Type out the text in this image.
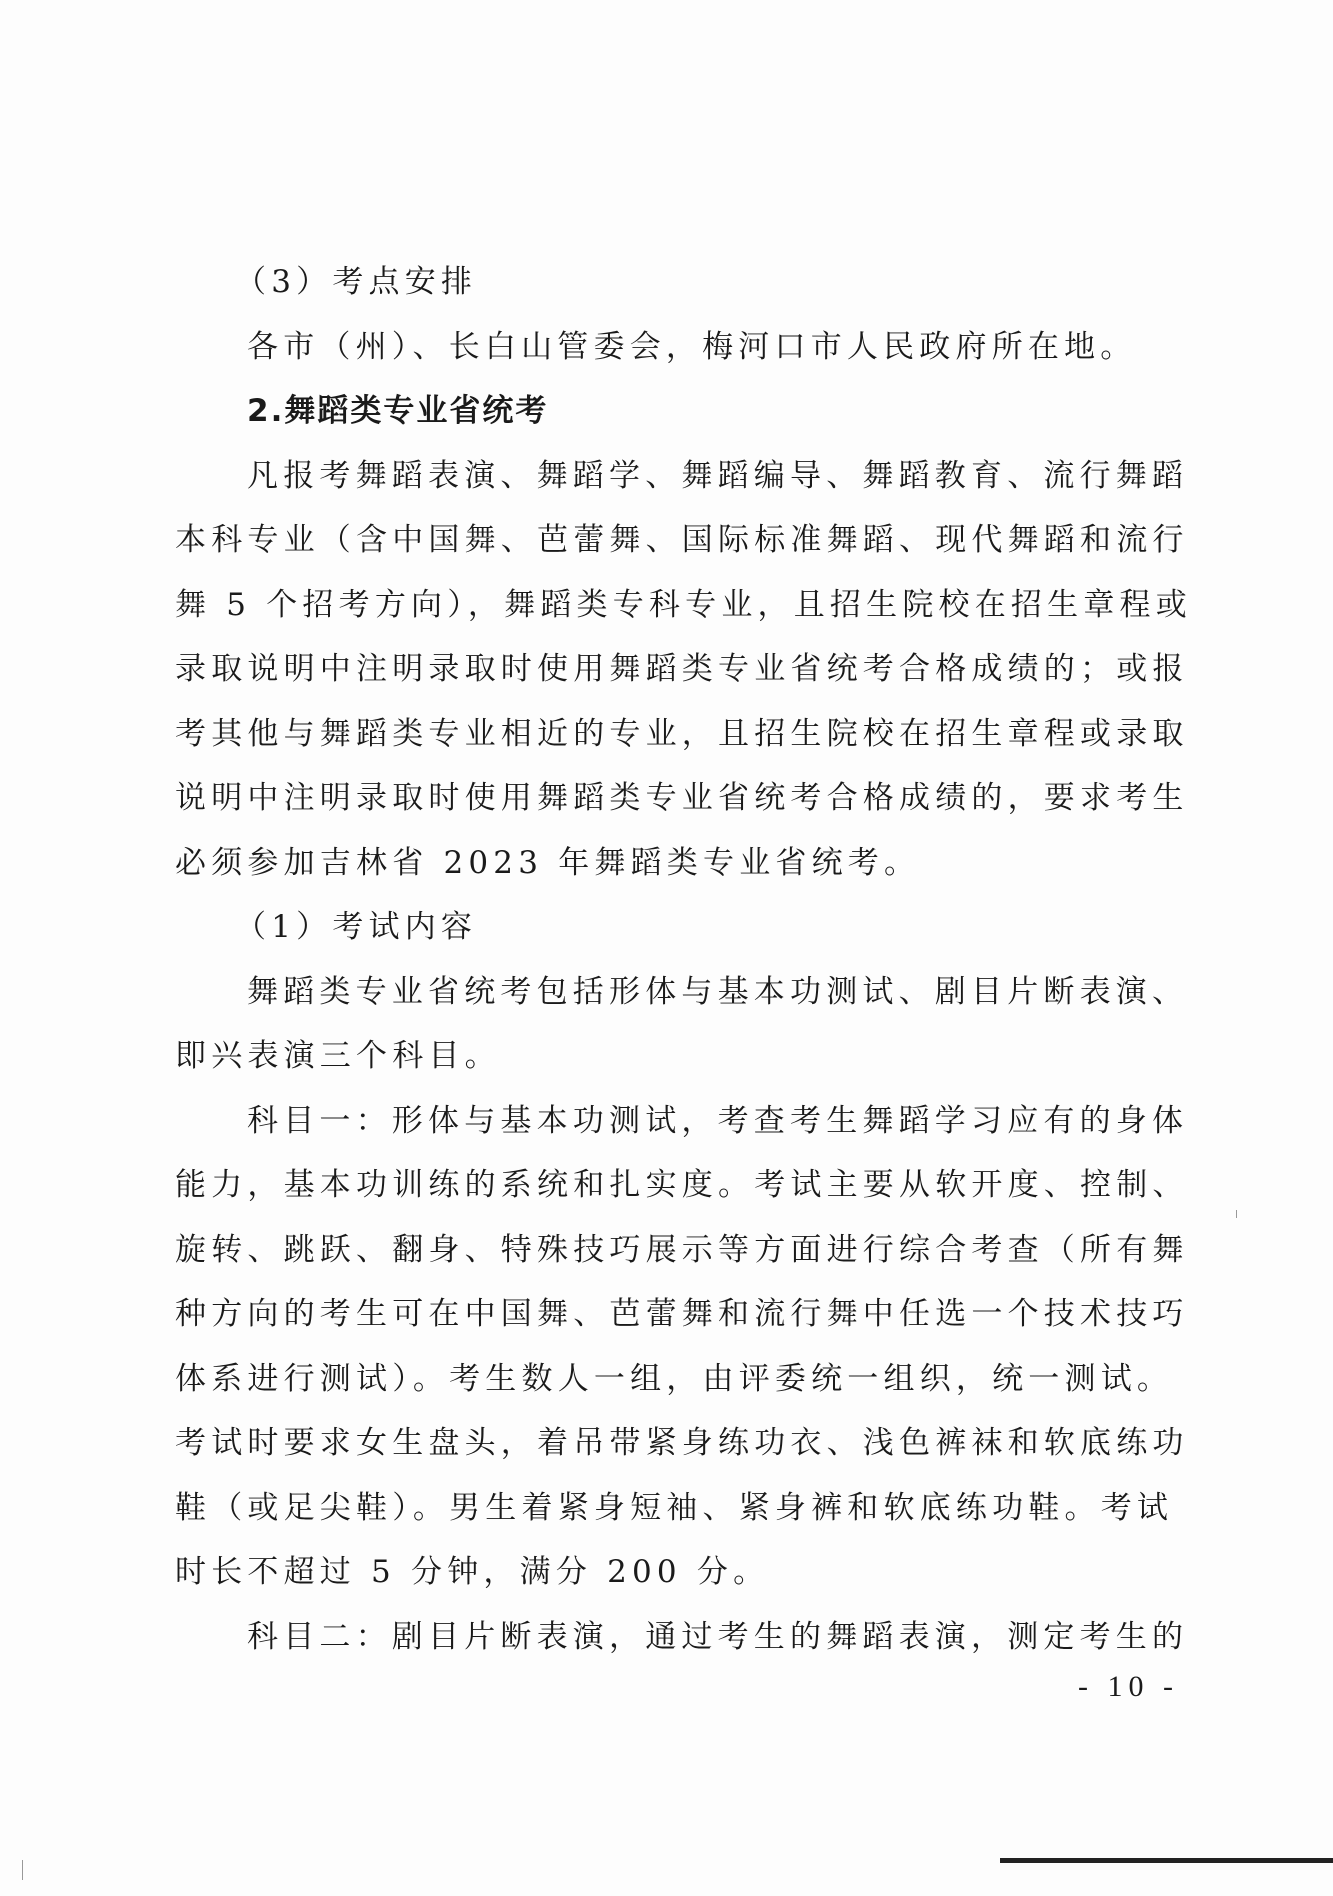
（3）考点安排
各市（州）、长白山管委会，梅河口市人民政府所在地。
2.舞蹈类专业省统考
凡报考舞蹈表演、舞蹈学、舞蹈编导、舞蹈教育、流行舞蹈
本科专业（含中国舞、芭蕾舞、国际标准舞蹈、现代舞蹈和流行
舞 5 个招考方向），舞蹈类专科专业，且招生院校在招生章程或
录取说明中注明录取时使用舞蹈类专业省统考合格成绩的；或报
考其他与舞蹈类专业相近的专业，且招生院校在招生章程或录取
说明中注明录取时使用舞蹈类专业省统考合格成绩的，要求考生
必须参加吉林省 2023 年舞蹈类专业省统考。
（1）考试内容
舞蹈类专业省统考包括形体与基本功测试、剧目片断表演、
即兴表演三个科目。
科目一：形体与基本功测试，考查考生舞蹈学习应有的身体
能力，基本功训练的系统和扎实度。考试主要从软开度、控制、
旋转、跳跃、翻身、特殊技巧展示等方面进行综合考查（所有舞
种方向的考生可在中国舞、芭蕾舞和流行舞中任选一个技术技巧
体系进行测试）。考生数人一组，由评委统一组织，统一测试。
考试时要求女生盘头，着吊带紧身练功衣、浅色裤袜和软底练功
鞋（或足尖鞋）。男生着紧身短袖、紧身裤和软底练功鞋。考试
时长不超过 5 分钟，满分 200 分。
科目二：剧目片断表演，通过考生的舞蹈表演，测定考生的
- 10 -
